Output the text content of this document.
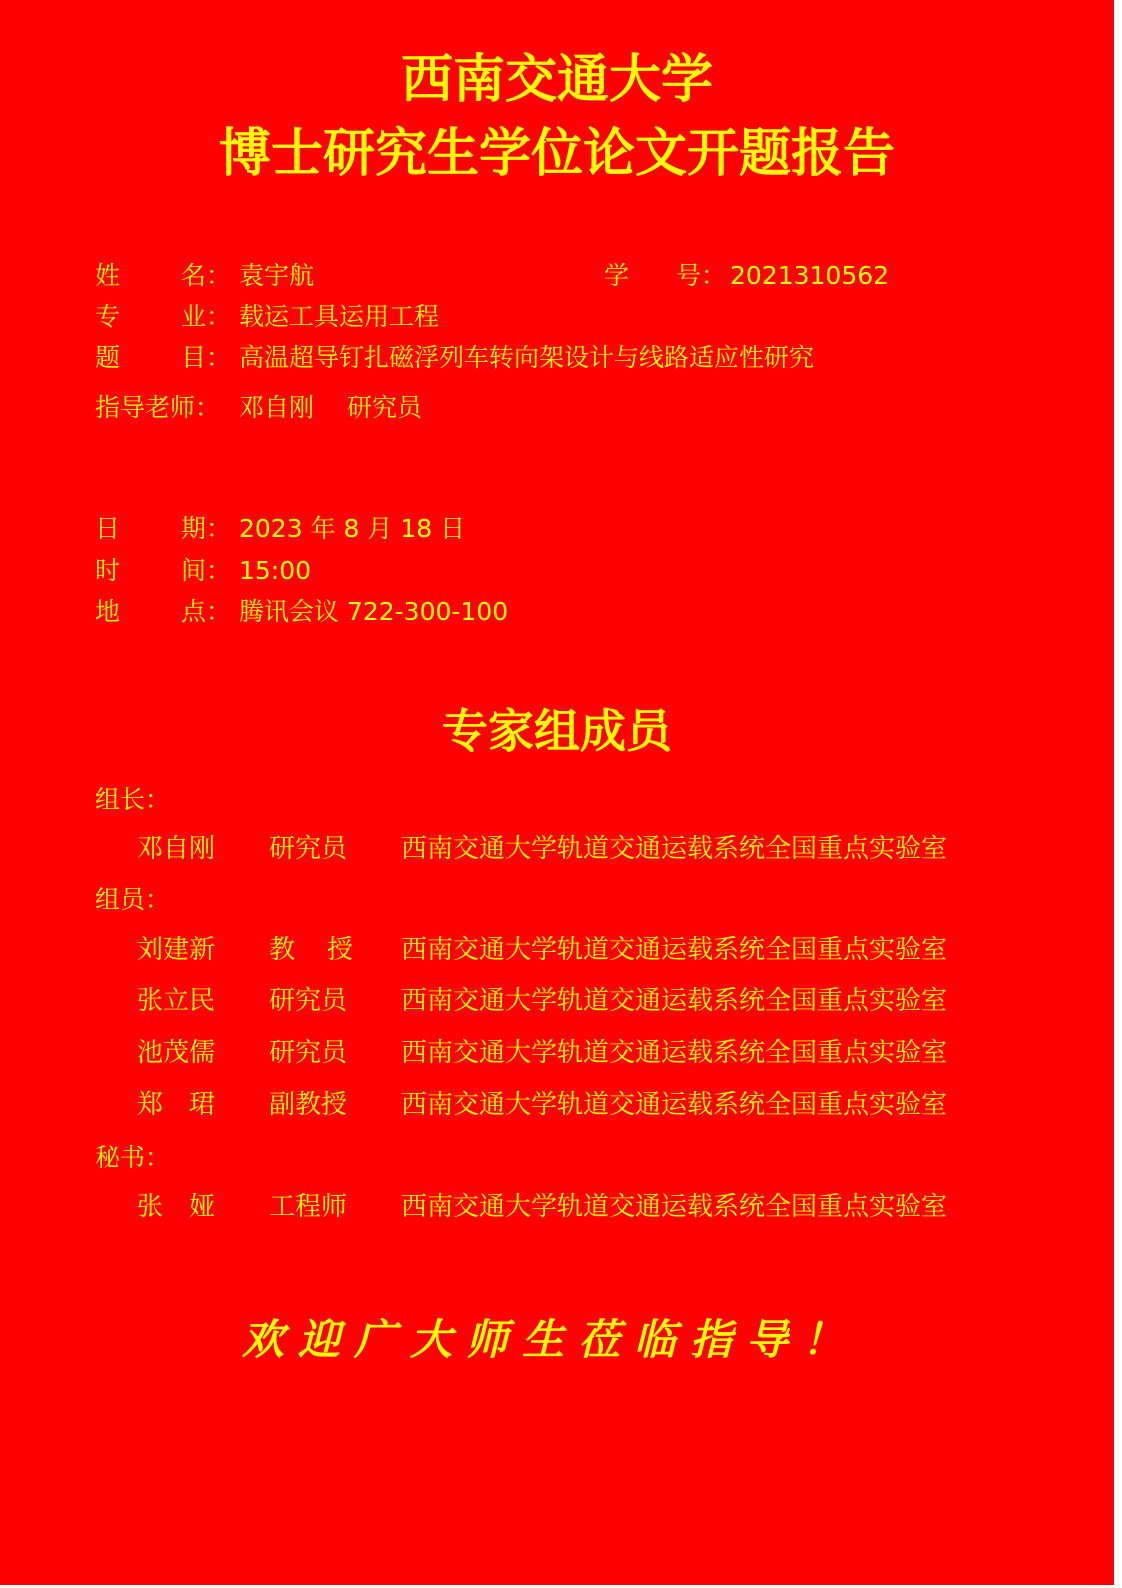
西南交通大学
博士研究生学位论文开题报告
姓 名： 袁宇航	学 号： 2021310562
专 业： 载运工具运用工程
题 目： 高温超导钉扎磁浮列车转向架设计与线路适应性研究
指导老师： 邓自刚　 研究员
日 期： 2023 年 8 月 18 日
时 间： 15:00
地 点： 腾讯会议 722-300-100
专家组成员
组长：
邓自刚 研究员 西南交通大学轨道交通运载系统全国重点实验室
组员：
刘建新 教 授 西南交通大学轨道交通运载系统全国重点实验室
张立民 研究员 西南交通大学轨道交通运载系统全国重点实验室
池茂儒 研究员 西南交通大学轨道交通运载系统全国重点实验室
郑 珺 副教授 西南交通大学轨道交通运载系统全国重点实验室
秘书：
张 娅 工程师 西南交通大学轨道交通运载系统全国重点实验室
欢迎广大师生莅临指导！
